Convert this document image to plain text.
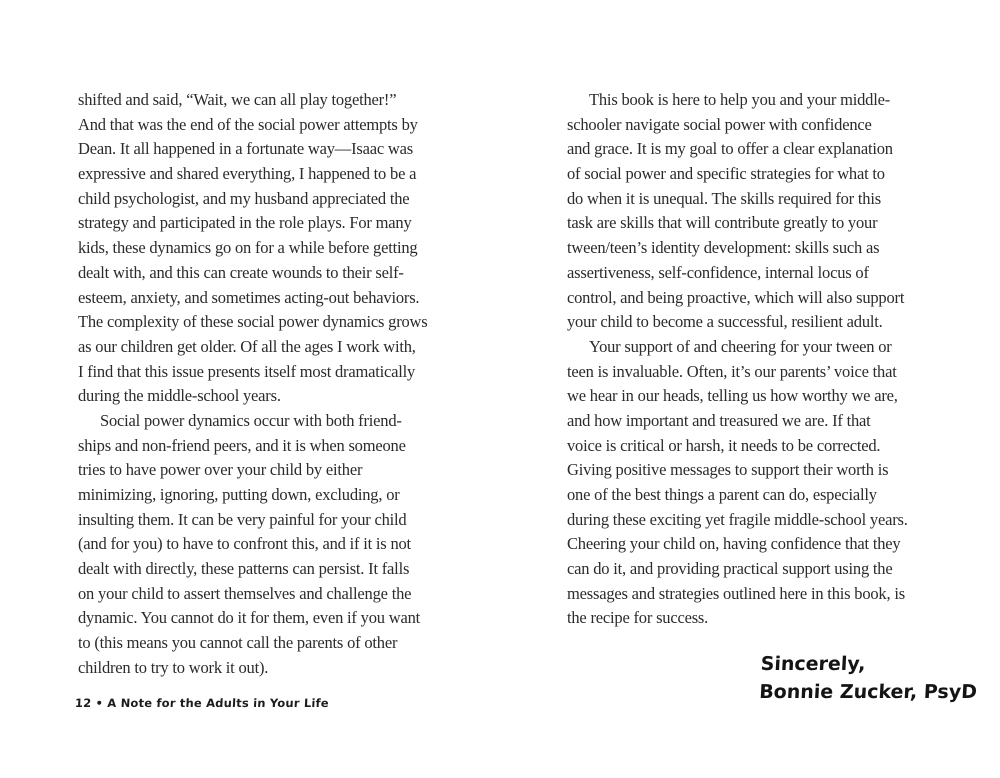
shifted and said, “Wait, we can all play together!”
And that was the end of the social power attempts by
Dean. It all happened in a fortunate way—Isaac was
expressive and shared everything, I happened to be a
child psychologist, and my husband appreciated the
strategy and participated in the role plays. For many
kids, these dynamics go on for a while before getting
dealt with, and this can create wounds to their self-
esteem, anxiety, and sometimes acting-out behaviors.
The complexity of these social power dynamics grows
as our children get older. Of all the ages I work with,
I find that this issue presents itself most dramatically
during the middle-school years.
Social power dynamics occur with both friend-
ships and non-friend peers, and it is when someone
tries to have power over your child by either
minimizing, ignoring, putting down, excluding, or
insulting them. It can be very painful for your child
(and for you) to have to confront this, and if it is not
dealt with directly, these patterns can persist. It falls
on your child to assert themselves and challenge the
dynamic. You cannot do it for them, even if you want
to (this means you cannot call the parents of other
children to try to work it out).
This book is here to help you and your middle-
schooler navigate social power with confidence
and grace. It is my goal to offer a clear explanation
of social power and specific strategies for what to
do when it is unequal. The skills required for this
task are skills that will contribute greatly to your
tween/teen’s identity development: skills such as
assertiveness, self-confidence, internal locus of
control, and being proactive, which will also support
your child to become a successful, resilient adult.
Your support of and cheering for your tween or
teen is invaluable. Often, it’s our parents’ voice that
we hear in our heads, telling us how worthy we are,
and how important and treasured we are. If that
voice is critical or harsh, it needs to be corrected.
Giving positive messages to support their worth is
one of the best things a parent can do, especially
during these exciting yet fragile middle-school years.
Cheering your child on, having confidence that they
can do it, and providing practical support using the
messages and strategies outlined here in this book, is
the recipe for success.
12 • A Note for the Adults in Your Life
Sincerely,
Bonnie Zucker, PsyD
